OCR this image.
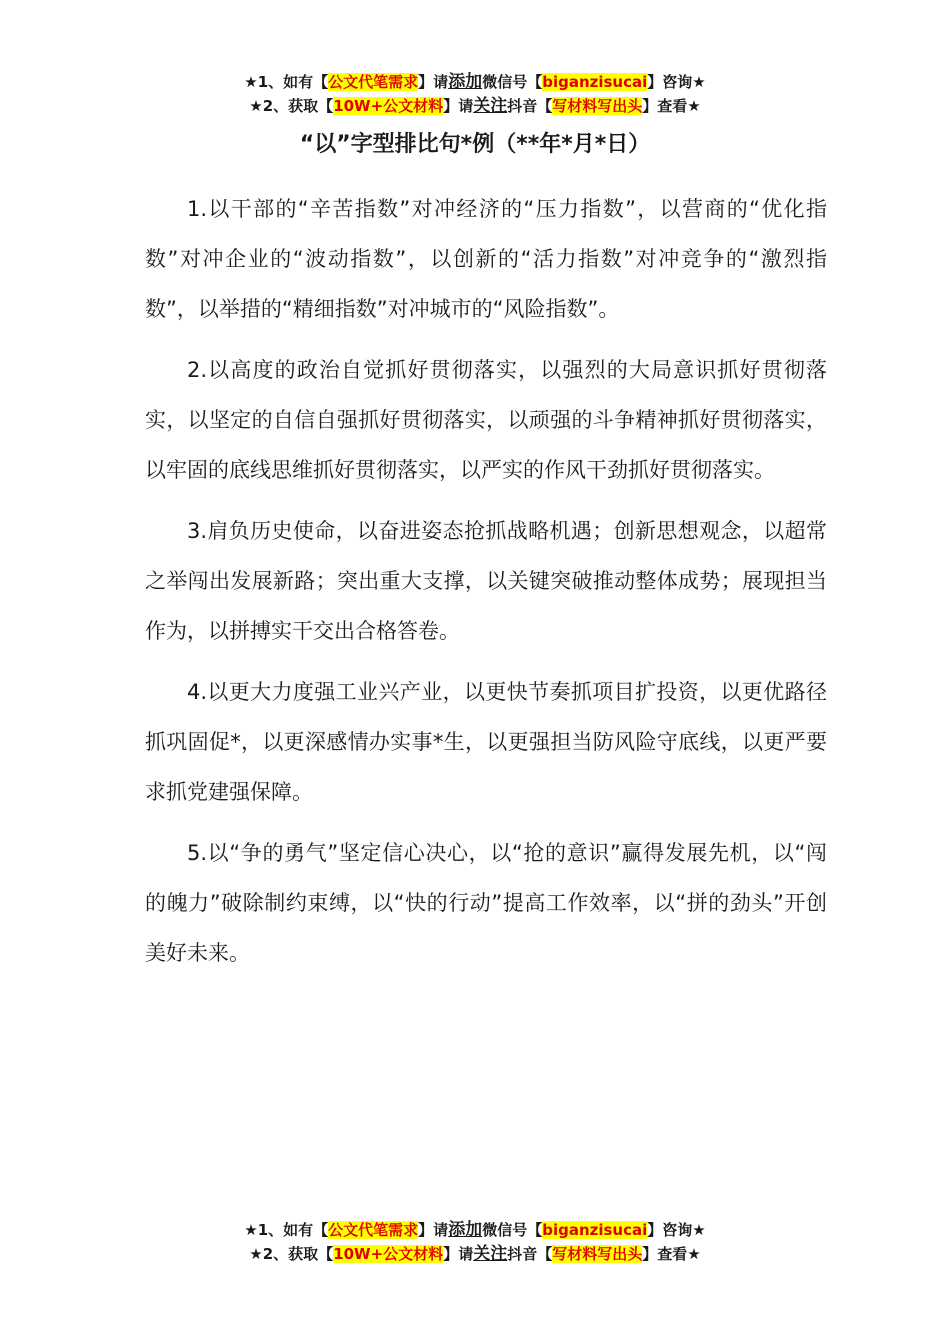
★1、如有【公文代笔需求】请添加微信号【biganzisucai】咨询★
★2、获取【10W+公文材料】请关注抖音【写材料写出头】查看★
“以”字型排比句*例（**年*月*日）

1.以干部的“辛苦指数”对冲经济的“压力指数”，以营商的“优化指数”对冲企业的“波动指数”，以创新的“活力指数”对冲竞争的“激烈指数”，以举措的“精细指数”对冲城市的“风险指数”。

2.以高度的政治自觉抓好贯彻落实，以强烈的大局意识抓好贯彻落实，以坚定的自信自强抓好贯彻落实，以顽强的斗争精神抓好贯彻落实，以牢固的底线思维抓好贯彻落实，以严实的作风干劲抓好贯彻落实。

3.肩负历史使命，以奋进姿态抢抓战略机遇；创新思想观念，以超常之举闯出发展新路；突出重大支撑，以关键突破推动整体成势；展现担当作为，以拼搏实干交出合格答卷。

4.以更大力度强工业兴产业，以更快节奏抓项目扩投资，以更优路径抓巩固促*，以更深感情办实事*生，以更强担当防风险守底线，以更严要求抓党建强保障。

5.以“争的勇气”坚定信心决心，以“抢的意识”赢得发展先机，以“闯的魄力”破除制约束缚，以“快的行动”提高工作效率，以“拼的劲头”开创美好未来。

★1、如有【公文代笔需求】请添加微信号【biganzisucai】咨询★
★2、获取【10W+公文材料】请关注抖音【写材料写出头】查看★
